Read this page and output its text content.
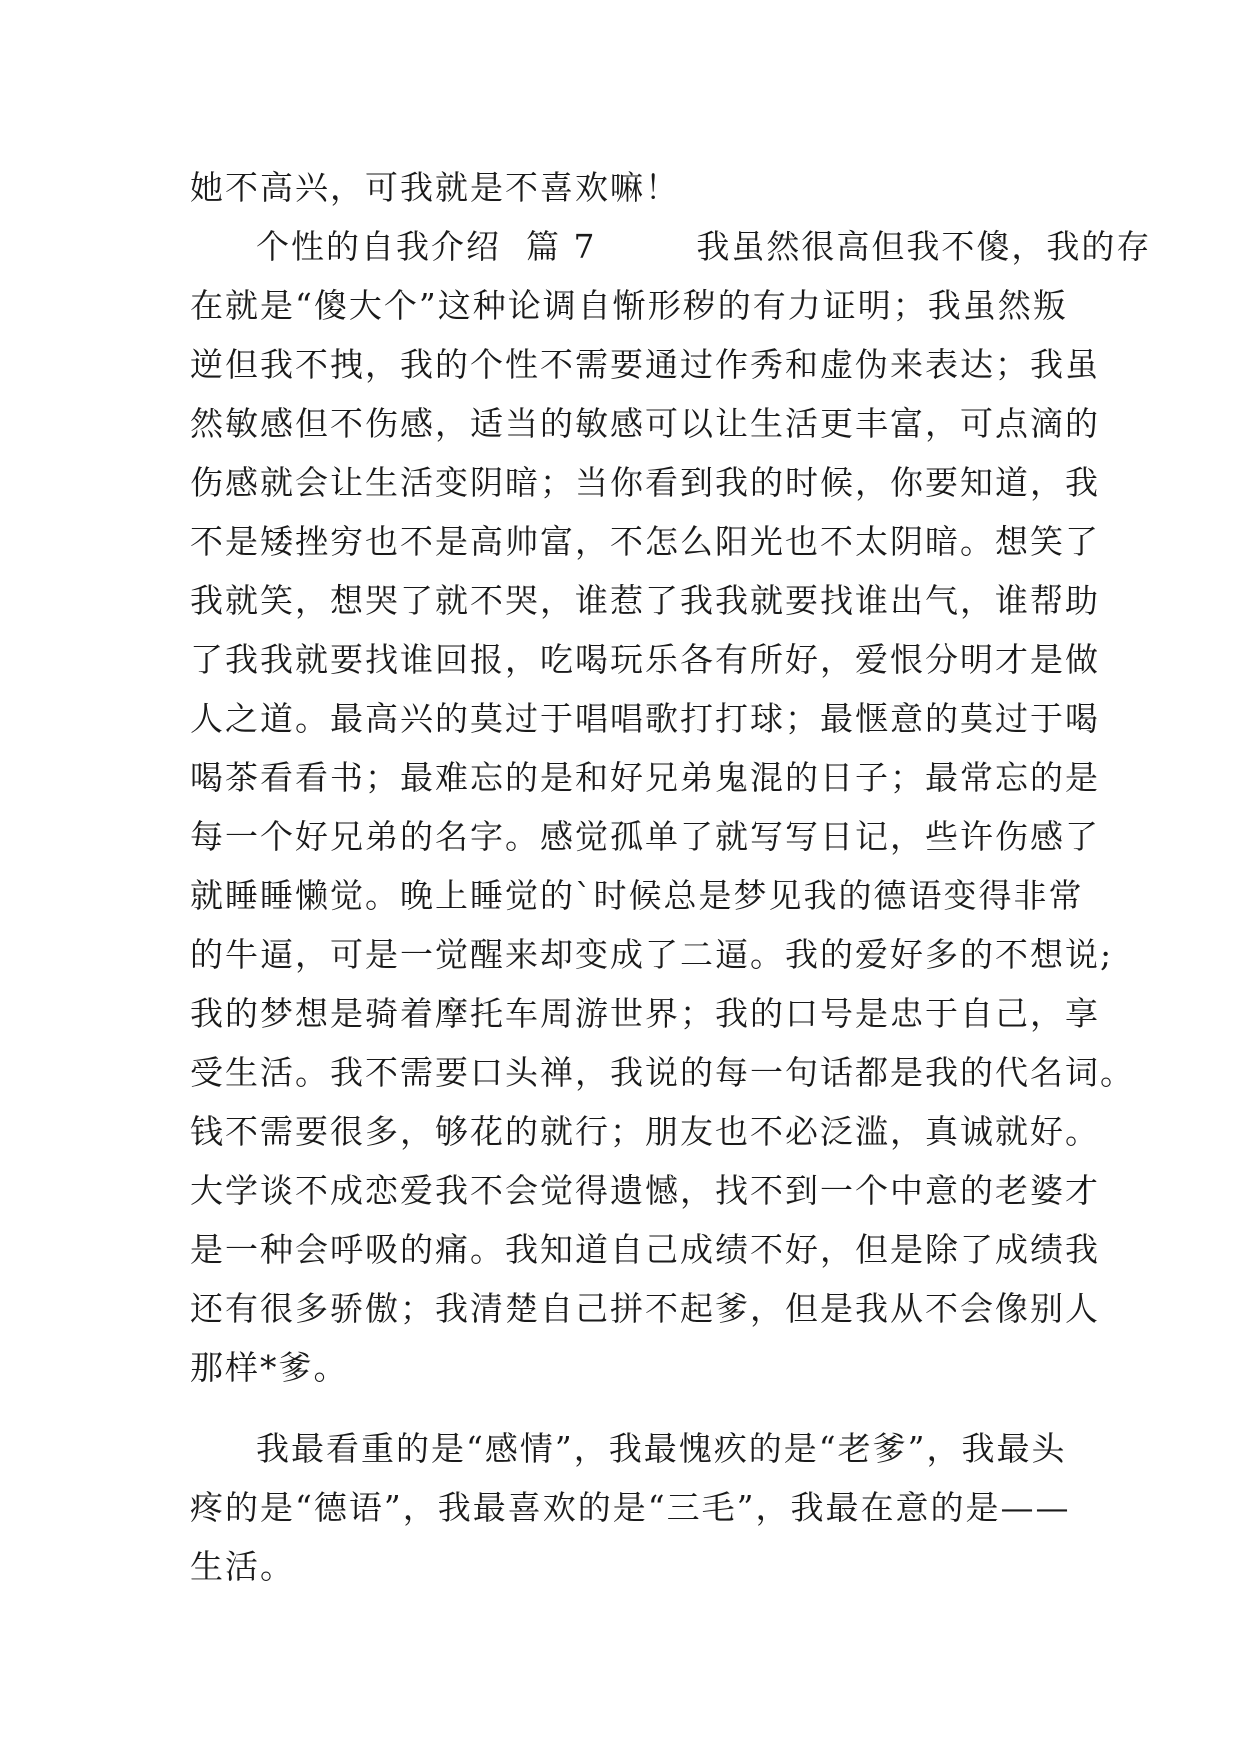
她不高兴，可我就是不喜欢嘛！
个性的自我介绍  篇 7        我虽然很高但我不傻，我的存
在就是“傻大个”这种论调自惭形秽的有力证明；我虽然叛
逆但我不拽，我的个性不需要通过作秀和虚伪来表达；我虽
然敏感但不伤感，适当的敏感可以让生活更丰富，可点滴的
伤感就会让生活变阴暗；当你看到我的时候，你要知道，我
不是矮挫穷也不是高帅富，不怎么阳光也不太阴暗。想笑了
我就笑，想哭了就不哭，谁惹了我我就要找谁出气，谁帮助
了我我就要找谁回报，吃喝玩乐各有所好，爱恨分明才是做
人之道。最高兴的莫过于唱唱歌打打球；最惬意的莫过于喝
喝茶看看书；最难忘的是和好兄弟鬼混的日子；最常忘的是
每一个好兄弟的名字。感觉孤单了就写写日记，些许伤感了
就睡睡懒觉。晚上睡觉的`时候总是梦见我的德语变得非常
的牛逼，可是一觉醒来却变成了二逼。我的爱好多的不想说;
我的梦想是骑着摩托车周游世界；我的口号是忠于自己，享
受生活。我不需要口头禅，我说的每一句话都是我的代名词。
钱不需要很多，够花的就行；朋友也不必泛滥，真诚就好。
大学谈不成恋爱我不会觉得遗憾，找不到一个中意的老婆才
是一种会呼吸的痛。我知道自己成绩不好，但是除了成绩我
还有很多骄傲；我清楚自己拼不起爹，但是我从不会像别人
那样*爹。
我最看重的是“感情”，我最愧疚的是“老爹”，我最头
疼的是“德语”，我最喜欢的是“三毛”，我最在意的是——
生活。
